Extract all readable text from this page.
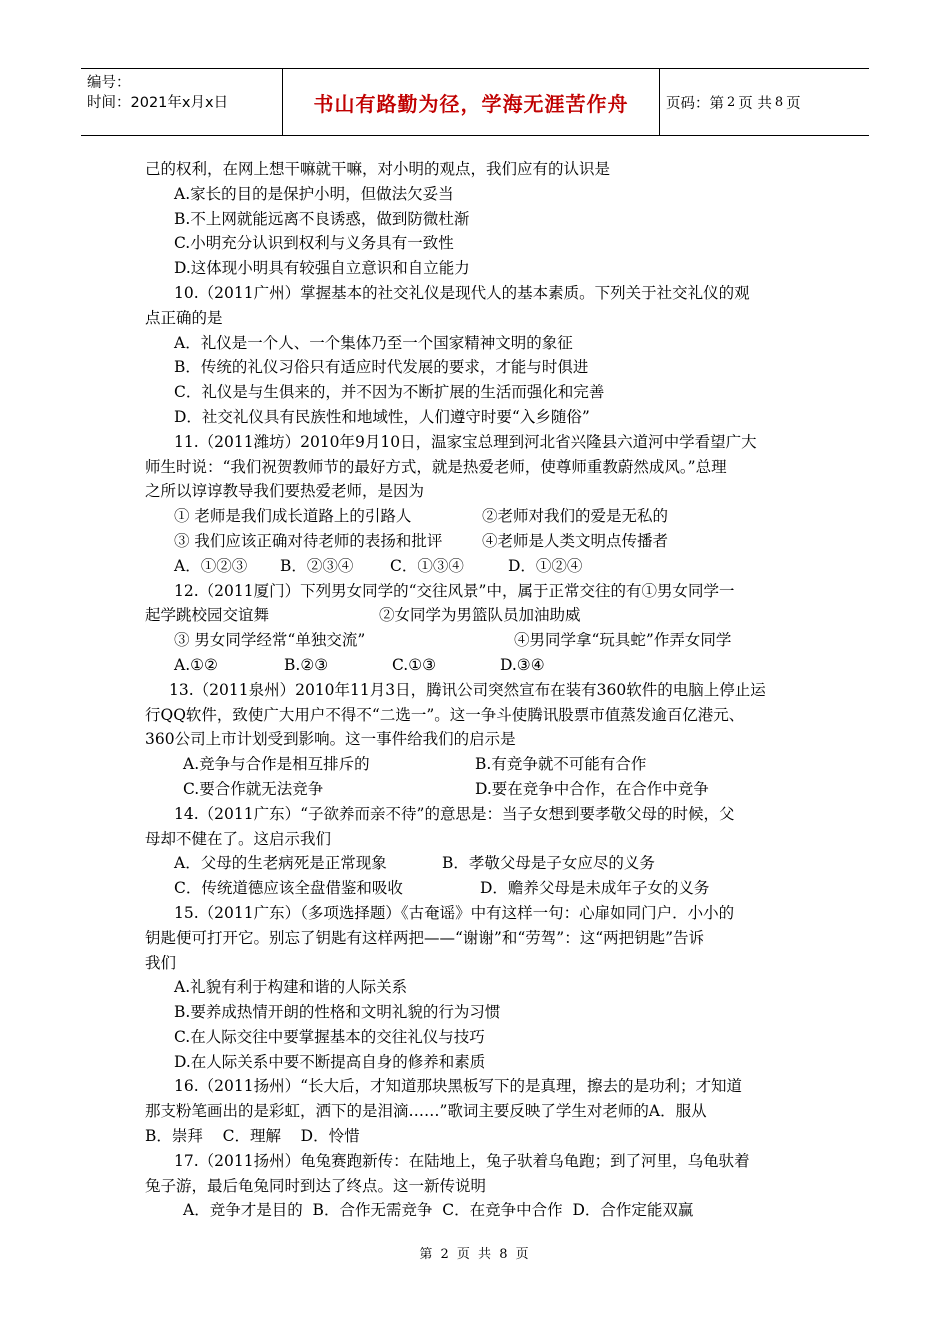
编号：
时间：2021年x月x日	书山有路勤为径，学海无涯苦作舟	页码：第 2 页 共 8 页
己的权利，在网上想干嘛就干嘛，对小明的观点，我们应有的认识是
A.家长的目的是保护小明，但做法欠妥当
B.不上网就能远离不良诱惑，做到防微杜渐
C.小明充分认识到权利与义务具有一致性
D.这体现小明具有较强自立意识和自立能力
10.（2011广州）掌握基本的社交礼仪是现代人的基本素质。下列关于社交礼仪的观
点正确的是
A．礼仪是一个人、一个集体乃至一个国家精神文明的象征
B．传统的礼仪习俗只有适应时代发展的要求，才能与时俱进
C．礼仪是与生俱来的，并不因为不断扩展的生活而强化和完善
D．社交礼仪具有民族性和地域性，人们遵守时要“入乡随俗”
11.（2011潍坊）2010年9月10日，温家宝总理到河北省兴隆县六道河中学看望广大
师生时说：“我们祝贺教师节的最好方式，就是热爱老师，使尊师重教蔚然成风。”总理
之所以谆谆教导我们要热爱老师，是因为
① 老师是我们成长道路上的引路人	②老师对我们的爱是无私的
③ 我们应该正确对待老师的表扬和批评	④老师是人类文明点传播者
A．①②③	B．②③④	C．①③④	D．①②④
12.（2011厦门）下列男女同学的“交往风景”中，属于正常交往的有①男女同学一
起学跳校园交谊舞	②女同学为男篮队员加油助威
③ 男女同学经常“单独交流”	④男同学拿“玩具蛇”作弄女同学
A.①②	B.②③	C.①③	D.③④
13.（2011泉州）2010年11月3日，腾讯公司突然宣布在装有360软件的电脑上停止运
行QQ软件，致使广大用户不得不“二选一”。这一争斗使腾讯股票市值蒸发逾百亿港元、
360公司上市计划受到影响。这一事件给我们的启示是
A.竞争与合作是相互排斥的	B.有竞争就不可能有合作
C.要合作就无法竞争	D.要在竞争中合作，在合作中竞争
14.（2011广东）“子欲养而亲不待”的意思是：当子女想到要孝敬父母的时候，父
母却不健在了。这启示我们
A．父母的生老病死是正常现象	B．孝敬父母是子女应尽的义务
C．传统道德应该全盘借鉴和吸收	D．赡养父母是未成年子女的义务
15.（2011广东）（多项选择题）《古奄谣》中有这样一句：心扉如同门户．小小的
钥匙便可打开它。别忘了钥匙有这样两把——“谢谢”和“劳驾”：这“两把钥匙”告诉
我们
A.礼貌有利于构建和谐的人际关系
B.要养成热情开朗的性格和文明礼貌的行为习惯
C.在人际交往中要掌握基本的交往礼仪与技巧
D.在人际关系中要不断提高自身的修养和素质
16.（2011扬州）“长大后，才知道那块黑板写下的是真理，擦去的是功利；才知道
那支粉笔画出的是彩虹，洒下的是泪滴……”歌词主要反映了学生对老师的A．服从
B．崇拜    C．理解    D．怜惜
17.（2011扬州）龟兔赛跑新传：在陆地上，兔子驮着乌龟跑；到了河里，乌龟驮着
兔子游，最后龟兔同时到达了终点。这一新传说明
A．竞争才是目的  B．合作无需竞争  C．在竞争中合作  D．合作定能双赢
第 2 页 共 8 页
